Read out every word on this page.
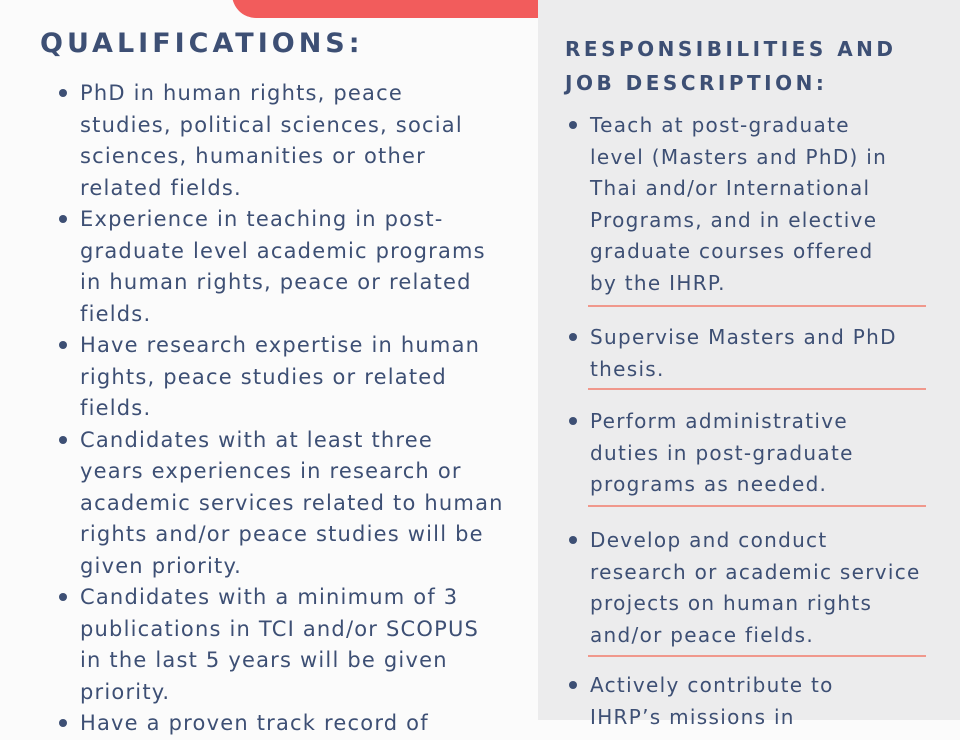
QUALIFICATIONS:
PhD in human rights, peace
studies, political sciences, social
sciences, humanities or other
related fields.
Experience in teaching in post-
graduate level academic programs
in human rights, peace or related
fields.
Have research expertise in human
rights, peace studies or related
fields.
Candidates with at least three
years experiences in research or
academic services related to human
rights and/or peace studies will be
given priority.
Candidates with a minimum of 3
publications in TCI and/or SCOPUS
in the last 5 years will be given
priority.
Have a proven track record of
RESPONSIBILITIES AND
JOB DESCRIPTION:
Teach at post-graduate
level (Masters and PhD) in
Thai and/or International
Programs, and in elective
graduate courses offered
by the IHRP.
Supervise Masters and PhD
thesis.
Perform administrative
duties in post-graduate
programs as needed.
Develop and conduct
research or academic service
projects on human rights
and/or peace fields.
Actively contribute to
IHRP’s missions in
